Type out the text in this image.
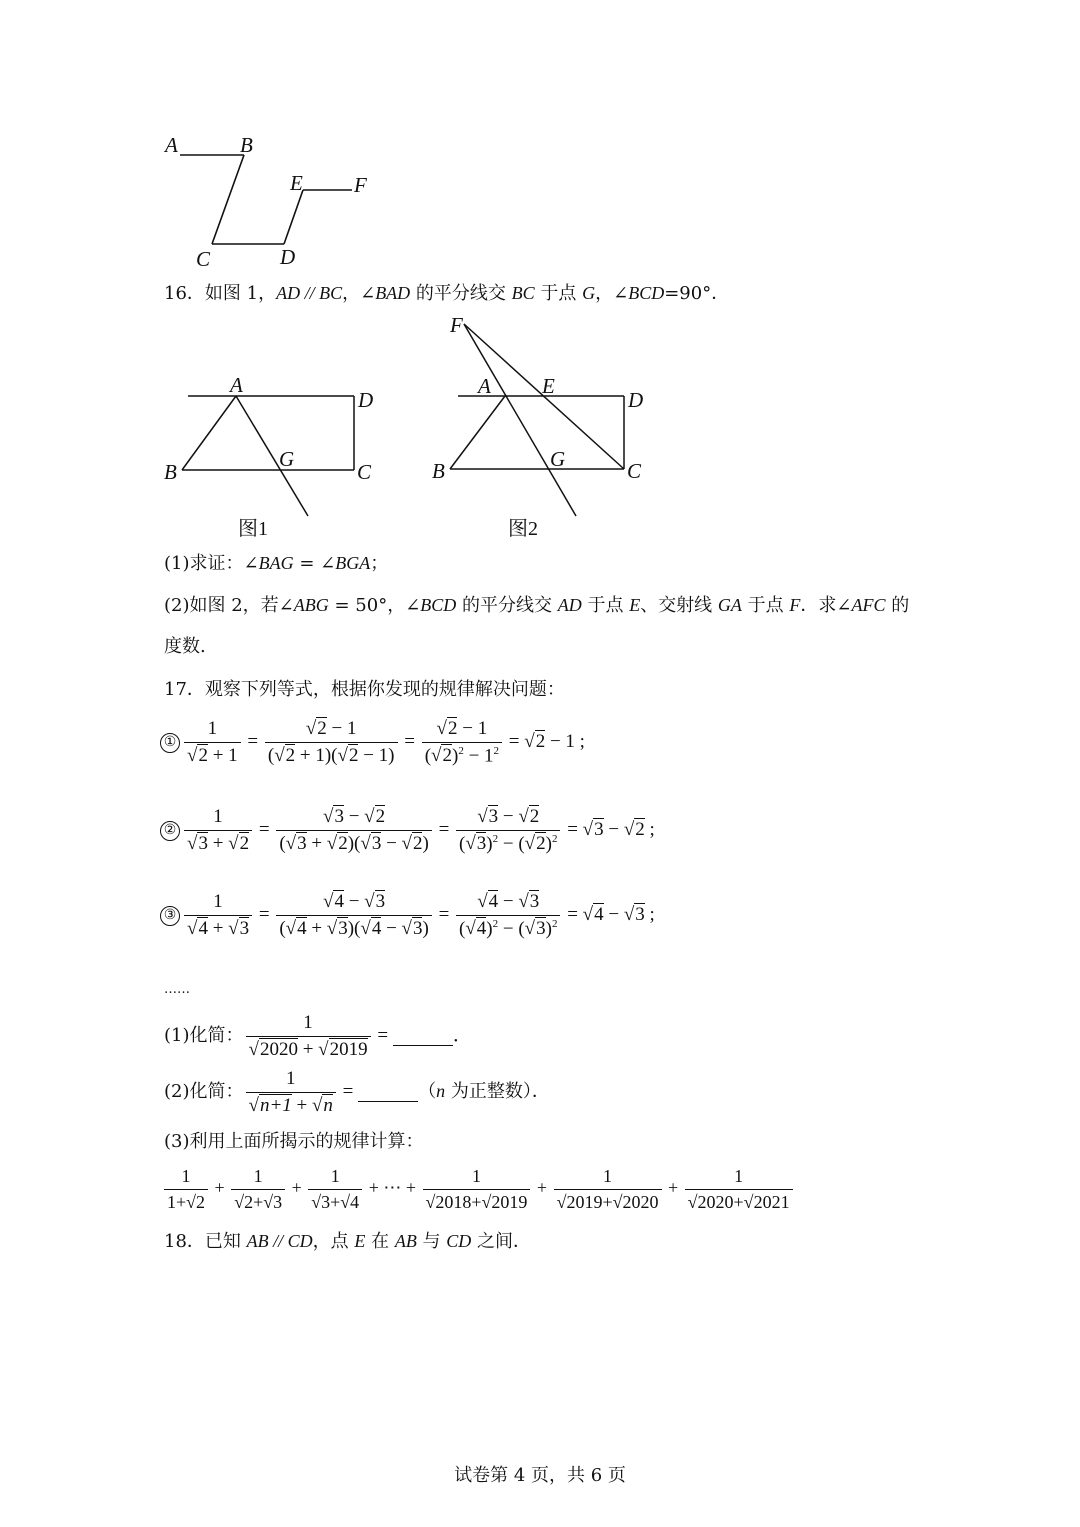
A	B
C	D
E F
16．如图 1，AD // BC，∠BAD 的平分线交 BC 于点 G，∠BCD=90°．
A
D
B
G
C
图1
F
A E
D
B	G	C
图2
(1)求证：∠BAG = ∠BGA；
(2)如图 2，若∠ABG = 50°，∠BCD 的平分线交 AD 于点 E、交射线 GA 于点 F．求∠AFC 的
度数.
17．观察下列等式，根据你发现的规律解决问题：
① 1
√ 2 + 1 = √ $\frac{2 - 1}{( √ 2 + 1)( √ 2 - 1)}$ = √ $\frac{2 - 1}{( √ 2)^2 - 1^2}$ = √ 2 − 1 ;
② 1
√ 3 + √ 2 = √ $\frac{3 - √ 2}{( √ 3 + √ 2)( √ 3 - √ 2)}$ = √ $\frac{3 - √ 2}{( √ 3)^2 - ( √ 2)^2}$ = √ 3 − √ 2 ;
③ 1
√ 4 + √ 3 = √ $\frac{4 - √ 3}{( √ 4 + √ 3)( √ 4 - √ 3)}$ = √ $\frac{4 - √ 3}{( √ 4)^2 - ( √ 3)^2}$ = √ 4 − √ 3 ;
……
(1)化简： 1
√ 2020 + √ 2019 =	．
(2)化简： 1
√ n+1 + √ n =	（n 为正整数）．
(3)利用上面所揭示的规律计算：
$\frac{1}{1+√2} + \frac{1}{√2+√3} + \frac{1}{√3+√4}$ + ⋯ + $\frac{1}{√2018+√2019} + \frac{1}{√2019+√2020} + \frac{1}{√2020+√2021}$
18．已知 AB // CD，点 E 在 AB 与 CD 之间．
试卷第 4 页，共 6 页
